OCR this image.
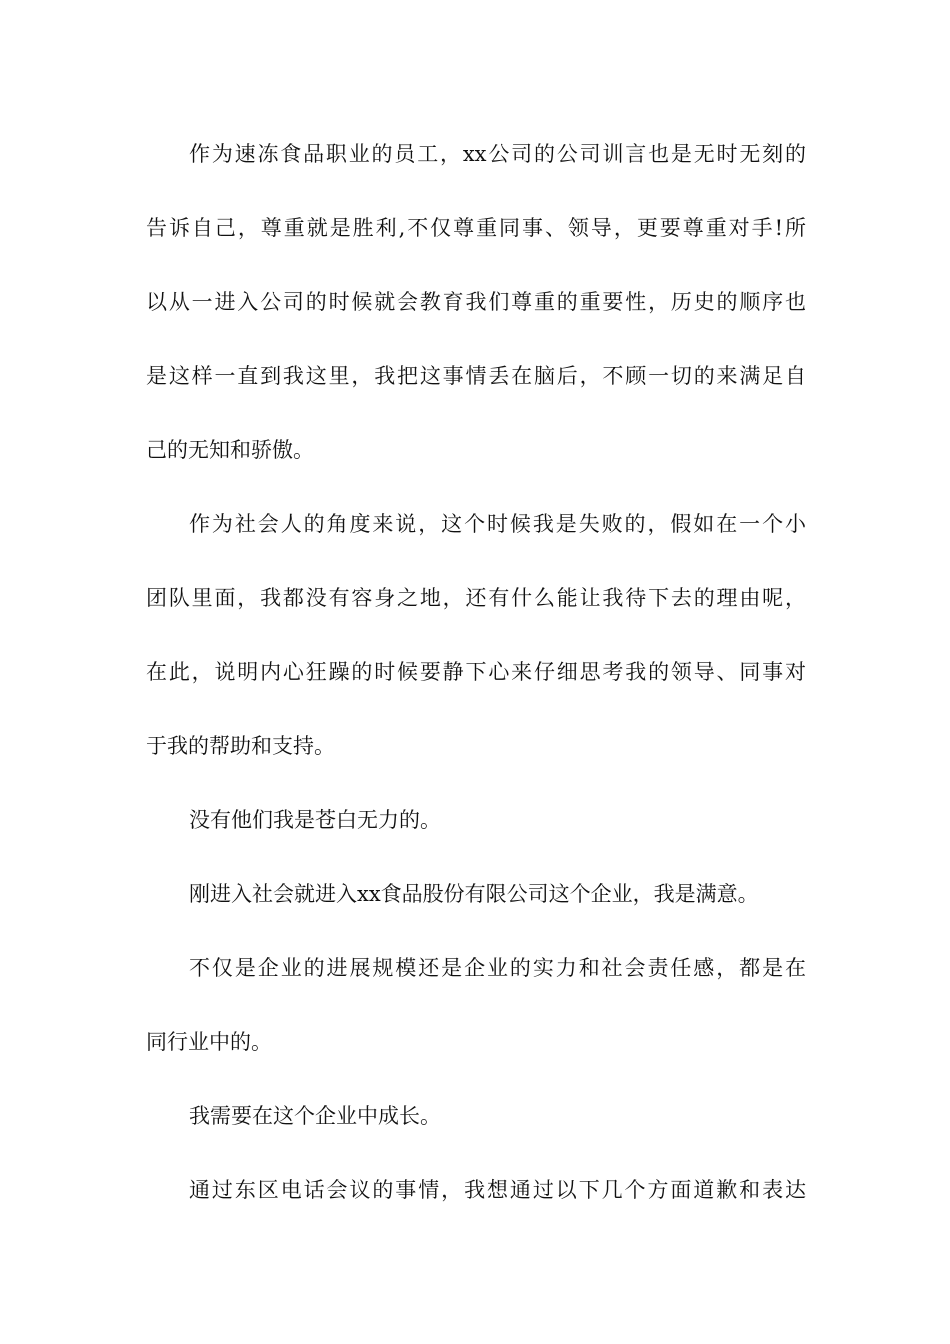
作为速冻食品职业的员工，xx公司的公司训言也是无时无刻的
告诉自己，尊重就是胜利,不仅尊重同事、领导，更要尊重对手!所
以从一进入公司的时候就会教育我们尊重的重要性，历史的顺序也
是这样一直到我这里，我把这事情丢在脑后，不顾一切的来满足自
己的无知和骄傲。
作为社会人的角度来说，这个时候我是失败的，假如在一个小
团队里面，我都没有容身之地，还有什么能让我待下去的理由呢，
在此，说明内心狂躁的时候要静下心来仔细思考我的领导、同事对
于我的帮助和支持。
没有他们我是苍白无力的。
刚进入社会就进入xx食品股份有限公司这个企业，我是满意。
不仅是企业的进展规模还是企业的实力和社会责任感，都是在
同行业中的。
我需要在这个企业中成长。
通过东区电话会议的事情，我想通过以下几个方面道歉和表达
